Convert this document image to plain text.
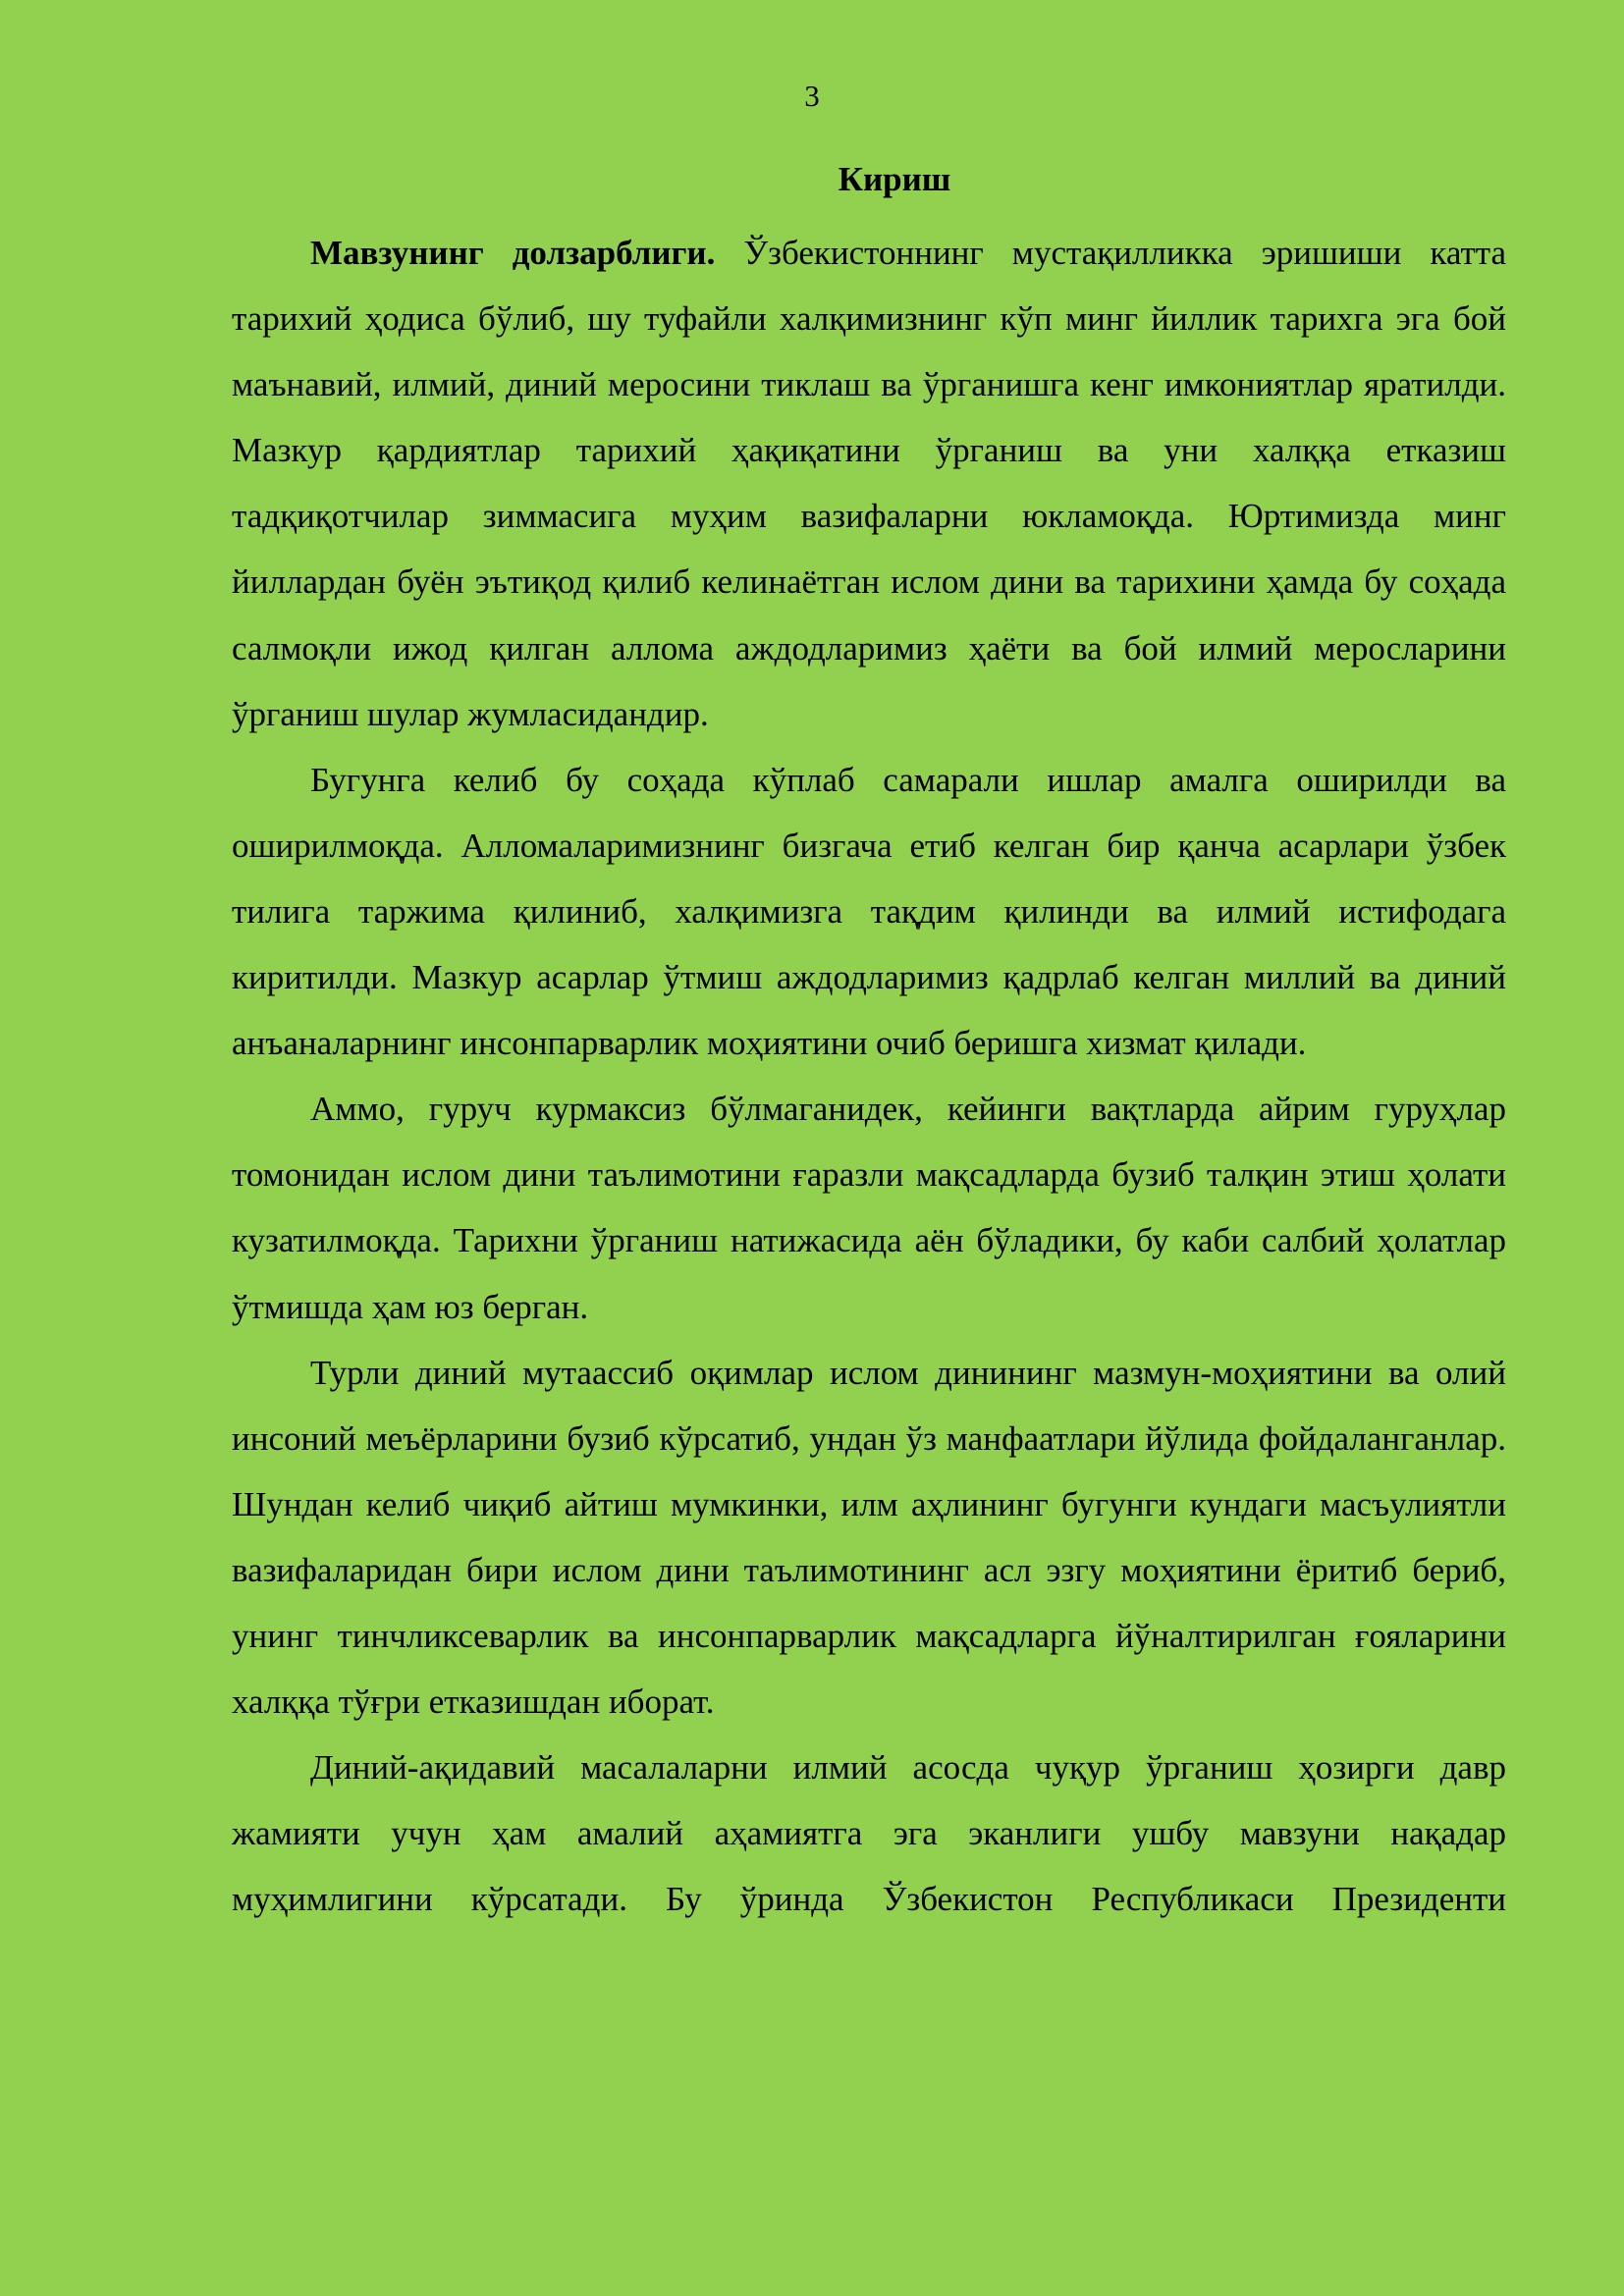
3
Кириш

Мавзунинг долзарблиги. Ўзбекистоннинг мустақилликка эришиши катта тарихий ҳодиса бўлиб, шу туфайли халқимизнинг кўп минг йиллик тарихга эга бой маънавий, илмий, диний меросини тиклаш ва ўрганишга кенг имкониятлар яратилди. Мазкур қардиятлар тарихий ҳақиқатини ўрганиш ва уни халққа етказиш тадқиқотчилар зиммасига муҳим вазифаларни юкламоқда. Юртимизда минг йиллардан буён эътиқод қилиб келинаётган ислом дини ва тарихини ҳамда бу соҳада салмоқли ижод қилган аллома аждодларимиз ҳаёти ва бой илмий меросларини ўрганиш шулар жумласидандир.

Бугунга келиб бу соҳада кўплаб самарали ишлар амалга оширилди ва оширилмоқда. Алломаларимизнинг бизгача етиб келган бир қанча асарлари ўзбек тилига таржима қилиниб, халқимизга тақдим қилинди ва илмий истифодага киритилди. Мазкур асарлар ўтмиш аждодларимиз қадрлаб келган миллий ва диний анъаналарнинг инсонпарварлик моҳиятини очиб беришга хизмат қилади.

Аммо, гуруч курмаксиз бўлмаганидек, кейинги вақтларда айрим гуруҳлар томонидан ислом дини таълимотини ғаразли мақсадларда бузиб талқин этиш ҳолати кузатилмоқда. Тарихни ўрганиш натижасида аён бўладики, бу каби салбий ҳолатлар ўтмишда ҳам юз берган.

Турли диний мутаассиб оқимлар ислом динининг мазмун-моҳиятини ва олий инсоний меъёрларини бузиб кўрсатиб, ундан ўз манфаатлари йўлида фойдаланганлар. Шундан келиб чиқиб айтиш мумкинки, илм аҳлининг бугунги кундаги масъулиятли вазифаларидан бири ислом дини таълимотининг асл эзгу моҳиятини ёритиб бериб, унинг тинчликсеварлик ва инсонпарварлик мақсадларга йўналтирилган ғояларини халққа тўғри етказишдан иборат.

Диний-ақидавий масалаларни илмий асосда чуқур ўрганиш ҳозирги давр жамияти учун ҳам амалий аҳамиятга эга эканлиги ушбу мавзуни нақадар муҳимлигини кўрсатади. Бу ўринда Ўзбекистон Республикаси Президенти
